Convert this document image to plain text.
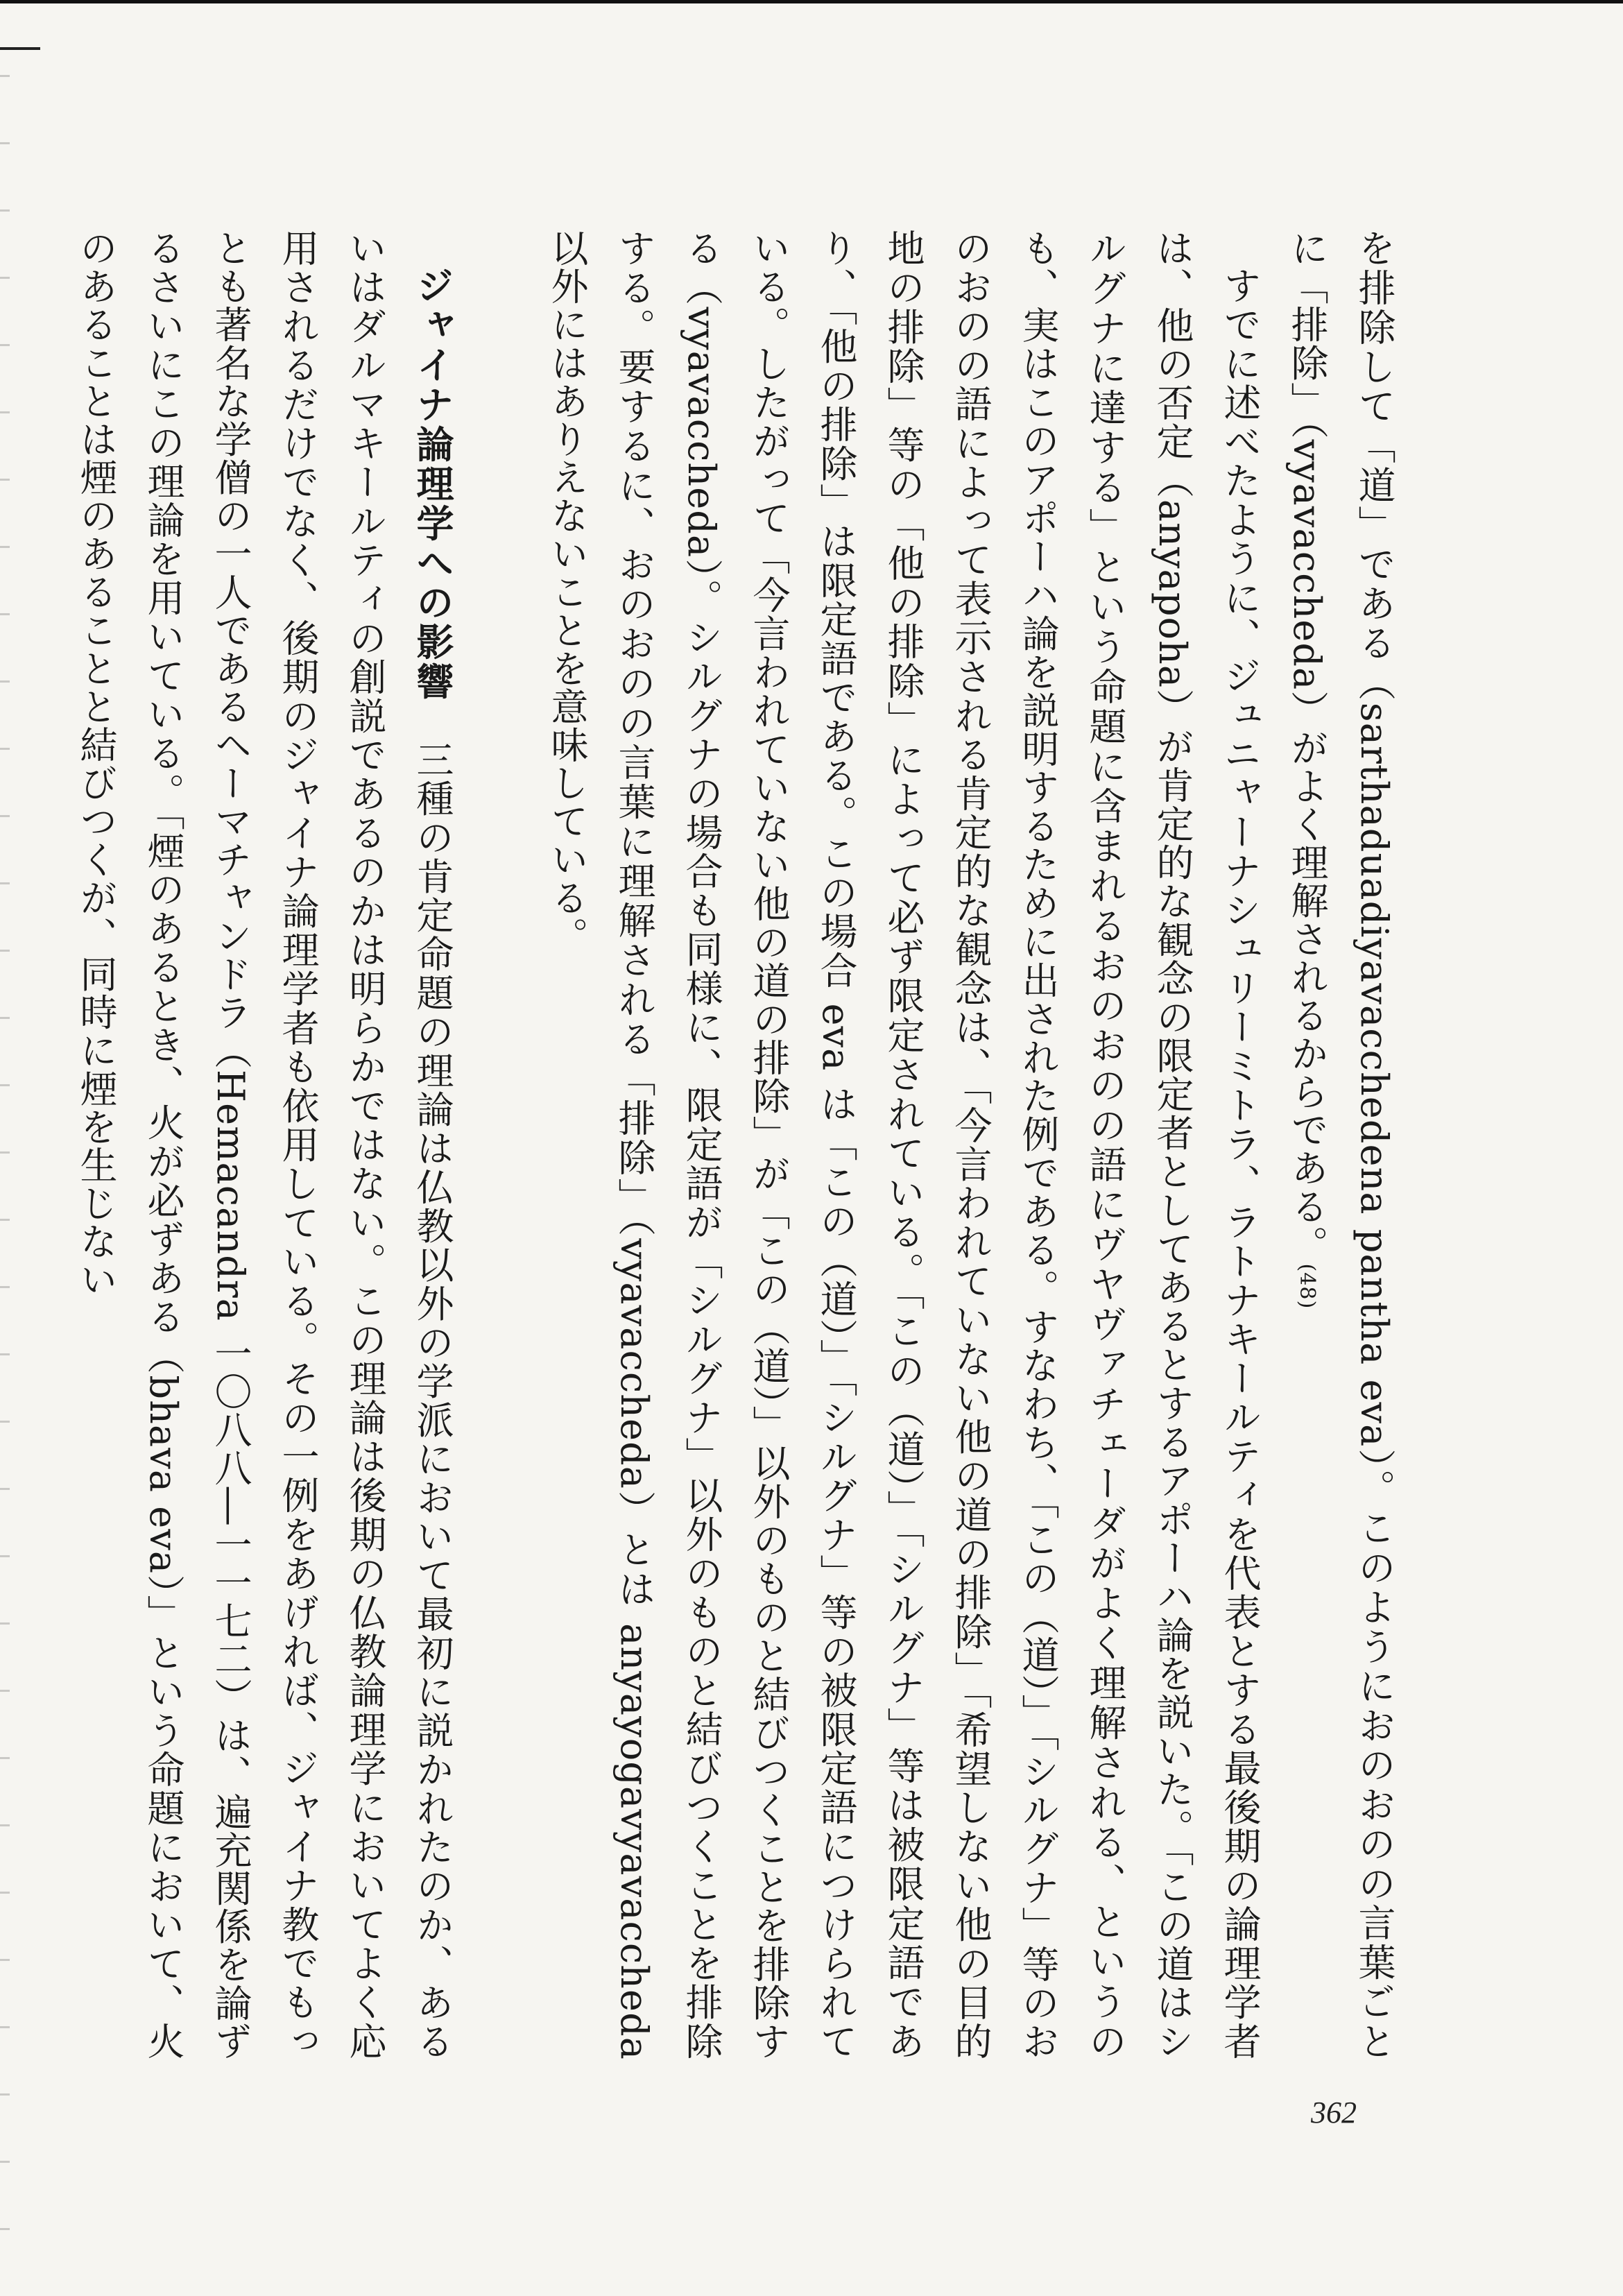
を排除して「道」である（sarthaduadiyavacchedena pantha eva）。このようにおのおのの言葉ごとに「排除」（vyavaccheda）がよく理解されるからである。(48)

すでに述べたように、ジュニャーナシュリーミトラ、ラトナキールティを代表とする最後期の論理学者は、他の否定（anyapoha）が肯定的な観念の限定者としてあるとするアポーハ論を説いた。「この道はシルグナに達する」という命題に含まれるおのおのの語にヴヤヴァチェーダがよく理解される、というのも、実はこのアポーハ論を説明するために出された例である。すなわち、「この（道）」「シルグナ」等のおのおのの語によって表示される肯定的な観念は、「今言われていない他の道の排除」「希望しない他の目的地の排除」等の「他の排除」によって必ず限定されている。「この（道）」「シルグナ」等は被限定語であり、「他の排除」は限定語である。この場合 eva は「この（道）」「シルグナ」等の被限定語につけられている。したがって「今言われていない他の道の排除」が「この（道）」以外のものと結びつくことを排除する（vyavaccheda）。シルグナの場合も同様に、限定語が「シルグナ」以外のものと結びつくことを排除する。要するに、おのおのの言葉に理解される「排除」（vyavaccheda）とは anyayogavyavaccheda 以外にはありえないことを意味している。

ジャイナ論理学への影響　三種の肯定命題の理論は仏教以外の学派において最初に説かれたのか、あるいはダルマキールティの創説であるのかは明らかではない。この理論は後期の仏教論理学においてよく応用されるだけでなく、後期のジャイナ論理学者も依用している。その一例をあげれば、ジャイナ教でもっとも著名な学僧の一人であるヘーマチャンドラ（Hemacandra 一〇八八―一一七二）は、遍充関係を論ずるさいにこの理論を用いている。「煙のあるとき、火が必ずある（bhava eva）」という命題において、火のあることは煙のあることと結びつくが、同時に煙を生じない

362
